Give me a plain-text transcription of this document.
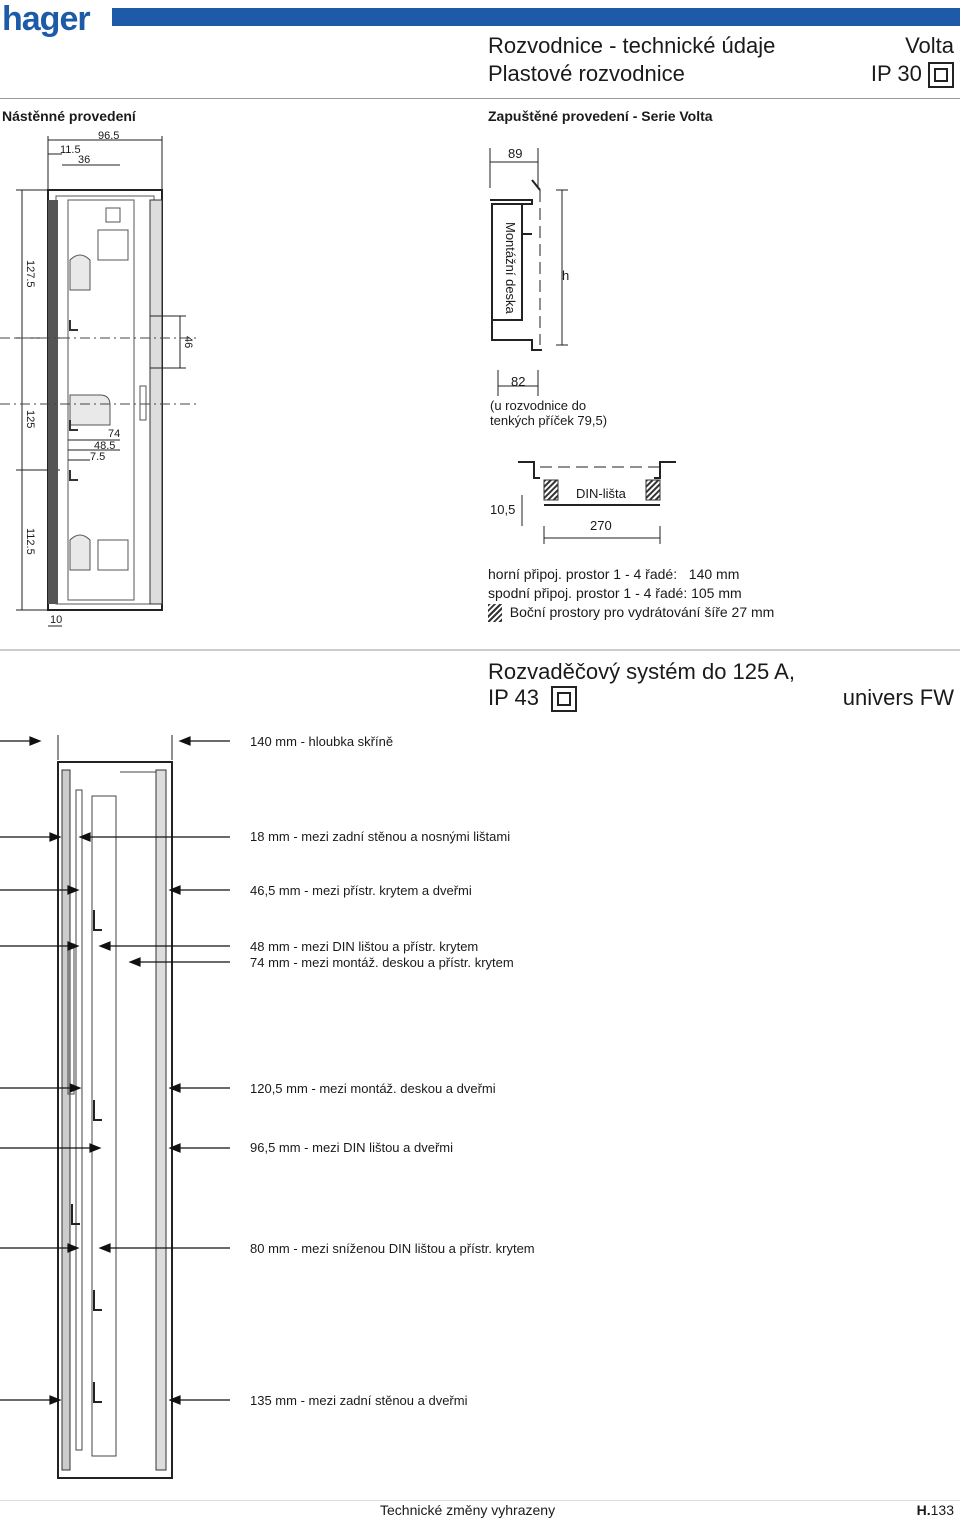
hager
Rozvodnice - technické údaje
Plastové rozvodnice
Volta
IP 30
Nástěnné provedení	Zapuštěné provedení - Serie Volta
96.5
11.5
36
127.5
46
125
74
48.5
7.5
112.5
10
89
Montážní deska	h
82
(u rozvodnice do
tenkých příček 79,5)
DIN-lišta
10,5
270
horní připoj. prostor 1 - 4 řadé: 140 mm
spodní připoj. prostor 1 - 4 řadé: 105 mm
Boční prostory pro vydrátování šíře 27 mm
Rozvaděčový systém do 125 A,
IP 43	univers FW
140 mm - hloubka skříně
18 mm - mezi zadní stěnou a nosnými lištami
46,5 mm - mezi přístr. krytem a dveřmi
48 mm - mezi DIN lištou a přístr. krytem
74 mm - mezi montáž. deskou a přístr. krytem
120,5 mm - mezi montáž. deskou a dveřmi
96,5 mm - mezi DIN lištou a dveřmi
80 mm - mezi sníženou DIN lištou a přístr. krytem
135 mm - mezi zadní stěnou a dveřmi
Technické změny vyhrazeny	H.133
